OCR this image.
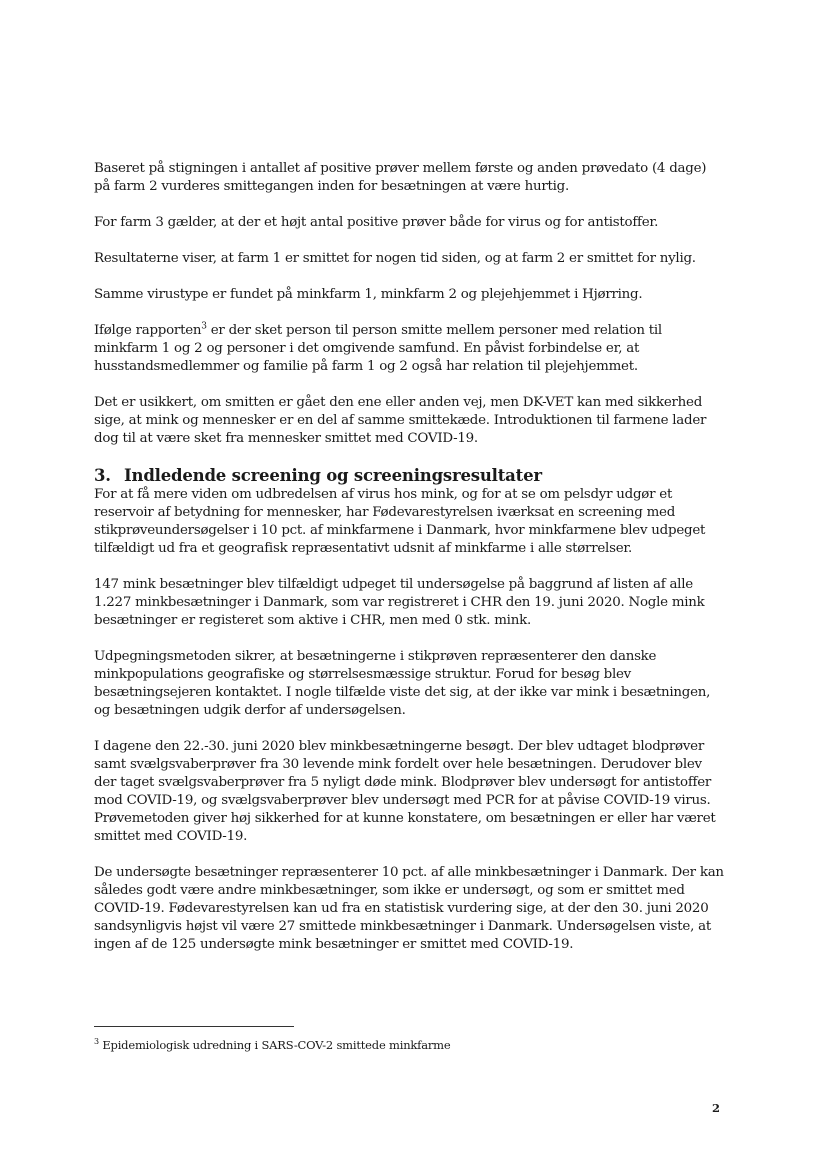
Baseret på stigningen i antallet af positive prøver mellem første og anden prøvedato (4 dage) på farm 2 vurderes smittegangen inden for besætningen at være hurtig.

For farm 3 gælder, at der et højt antal positive prøver både for virus og for antistoffer.

Resultaterne viser, at farm 1 er smittet for nogen tid siden, og at farm 2 er smittet for nylig.

Samme virustype er fundet på minkfarm 1, minkfarm 2 og plejehjemmet i Hjørring.

Ifølge rapporten$^3$ er der sket person til person smitte mellem personer med relation til minkfarm 1 og 2 og personer i det omgivende samfund. En påvist forbindelse er, at husstandsmedlemmer og familie på farm 1 og 2 også har relation til plejehjemmet.

Det er usikkert, om smitten er gået den ene eller anden vej, men DK-VET kan med sikkerhed sige, at mink og mennesker er en del af samme smittekæde. Introduktionen til farmene lader dog til at være sket fra mennesker smittet med COVID-19.

3. Indledende screening og screeningsresultater

For at få mere viden om udbredelsen af virus hos mink, og for at se om pelsdyr udgør et reservoir af betydning for mennesker, har Fødevarestyrelsen iværksat en screening med stikprøveundersøgelser i 10 pct. af minkfarmene i Danmark, hvor minkfarmene blev udpeget tilfældigt ud fra et geografisk repræsentativt udsnit af minkfarme i alle størrelser.

147 mink besætninger blev tilfældigt udpeget til undersøgelse på baggrund af listen af alle 1.227 minkbesætninger i Danmark, som var registreret i CHR den 19. juni 2020. Nogle mink besætninger er registeret som aktive i CHR, men med 0 stk. mink.

Udpegningsmetoden sikrer, at besætningerne i stikprøven repræsenterer den danske minkpopulations geografiske og størrelsesmæssige struktur. Forud for besøg blev besætningsejeren kontaktet. I nogle tilfælde viste det sig, at der ikke var mink i besætningen, og besætningen udgik derfor af undersøgelsen.

I dagene den 22.-30. juni 2020 blev minkbesætningerne besøgt. Der blev udtaget blodprøver samt svælgsvaberprøver fra 30 levende mink fordelt over hele besætningen. Derudover blev der taget svælgsvaberprøver fra 5 nyligt døde mink. Blodprøver blev undersøgt for antistoffer mod COVID-19, og svælgsvaberprøver blev undersøgt med PCR for at påvise COVID-19 virus. Prøvemetoden giver høj sikkerhed for at kunne konstatere, om besætningen er eller har været smittet med COVID-19.

De undersøgte besætninger repræsenterer 10 pct. af alle minkbesætninger i Danmark. Der kan således godt være andre minkbesætninger, som ikke er undersøgt, og som er smittet med COVID-19. Fødevarestyrelsen kan ud fra en statistisk vurdering sige, at der den 30. juni 2020 sandsynligvis højst vil være 27 smittede minkbesætninger i Danmark. Undersøgelsen viste, at ingen af de 125 undersøgte mink besætninger er smittet med COVID-19.

$^3$ Epidemiologisk udredning i SARS-COV-2 smittede minkfarme
2
